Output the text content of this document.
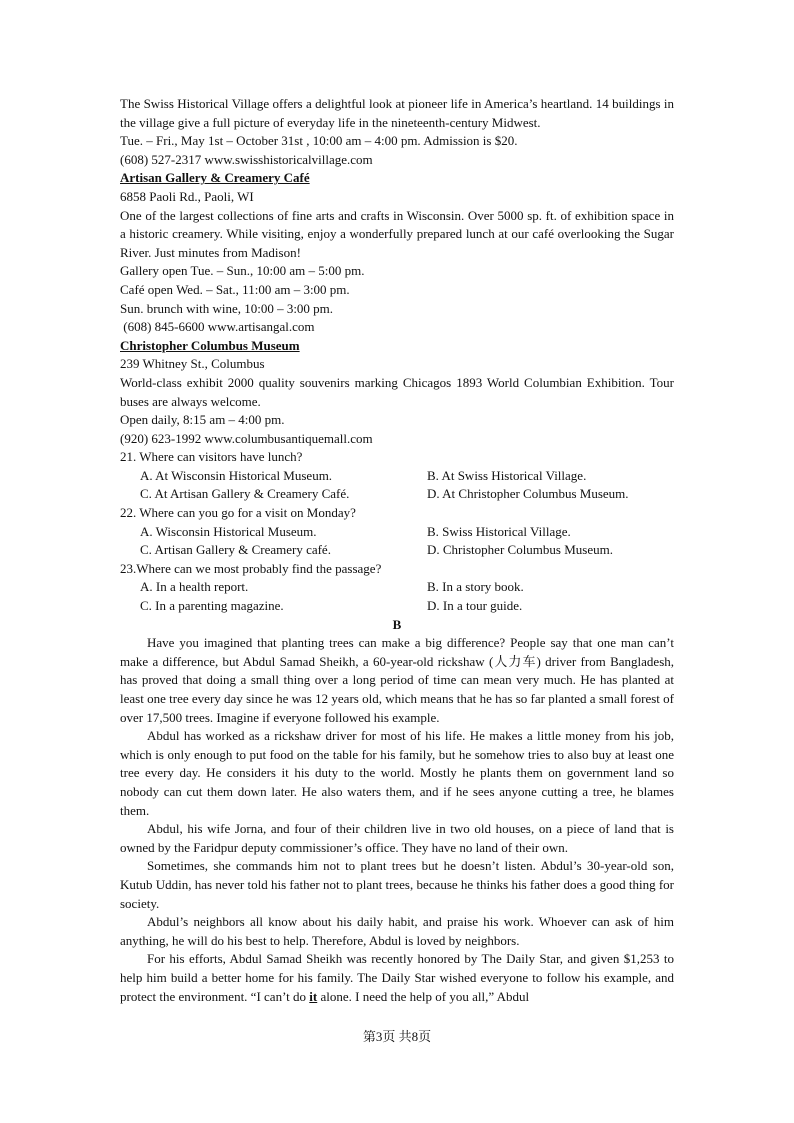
The Swiss Historical Village offers a delightful look at pioneer life in America’s heartland. 14 buildings in the village give a full picture of everyday life in the nineteenth-century Midwest.

Tue. – Fri., May 1st – October 31st , 10:00 am – 4:00 pm. Admission is $20.

(608) 527-2317 www.swisshistoricalvillage.com

Artisan Gallery & Creamery Café

6858 Paoli Rd., Paoli, WI

One of the largest collections of fine arts and crafts in Wisconsin. Over 5000 sp. ft. of exhibition space in a historic creamery. While visiting, enjoy a wonderfully prepared lunch at our café overlooking the Sugar River. Just minutes from Madison!

Gallery open Tue. – Sun., 10:00 am – 5:00 pm.

Café open Wed. – Sat., 11:00 am – 3:00 pm.

Sun. brunch with wine, 10:00 – 3:00 pm.

(608) 845-6600 www.artisangal.com

Christopher Columbus Museum

239 Whitney St., Columbus

World-class exhibit 2000 quality souvenirs marking Chicagos 1893 World Columbian Exhibition. Tour buses are always welcome.

Open daily, 8:15 am – 4:00 pm.

(920) 623-1992 www.columbusantiquemall.com

21. Where can visitors have lunch?

A. At Wisconsin Historical Museum.	B. At Swiss Historical Village.
C. At Artisan Gallery & Creamery Café.	D. At Christopher Columbus Museum.

22. Where can you go for a visit on Monday?

A. Wisconsin Historical Museum.	B. Swiss Historical Village.
C. Artisan Gallery & Creamery café.	D. Christopher Columbus Museum.

23.Where can we most probably find the passage?

A. In a health report.	B. In a story book.
C. In a parenting magazine.	D. In a tour guide.

B

Have you imagined that planting trees can make a big difference? People say that one man can’t make a difference, but Abdul Samad Sheikh, a 60-year-old rickshaw (人力车) driver from Bangladesh, has proved that doing a small thing over a long period of time can mean very much. He has planted at least one tree every day since he was 12 years old, which means that he has so far planted a small forest of over 17,500 trees. Imagine if everyone followed his example.

Abdul has worked as a rickshaw driver for most of his life. He makes a little money from his job, which is only enough to put food on the table for his family, but he somehow tries to also buy at least one tree every day. He considers it his duty to the world. Mostly he plants them on government land so nobody can cut them down later. He also waters them, and if he sees anyone cutting a tree, he blames them.

Abdul, his wife Jorna, and four of their children live in two old houses, on a piece of land that is owned by the Faridpur deputy commissioner’s office. They have no land of their own.

Sometimes, she commands him not to plant trees but he doesn’t listen. Abdul’s 30-year-old son, Kutub Uddin, has never told his father not to plant trees, because he thinks his father does a good thing for society.

Abdul’s neighbors all know about his daily habit, and praise his work. Whoever can ask of him anything, he will do his best to help. Therefore, Abdul is loved by neighbors.

For his efforts, Abdul Samad Sheikh was recently honored by The Daily Star, and given $1,253 to help him build a better home for his family. The Daily Star wished everyone to follow his example, and protect the environment. “I can’t do it alone. I need the help of you all,” Abdul

第3页 共8页
